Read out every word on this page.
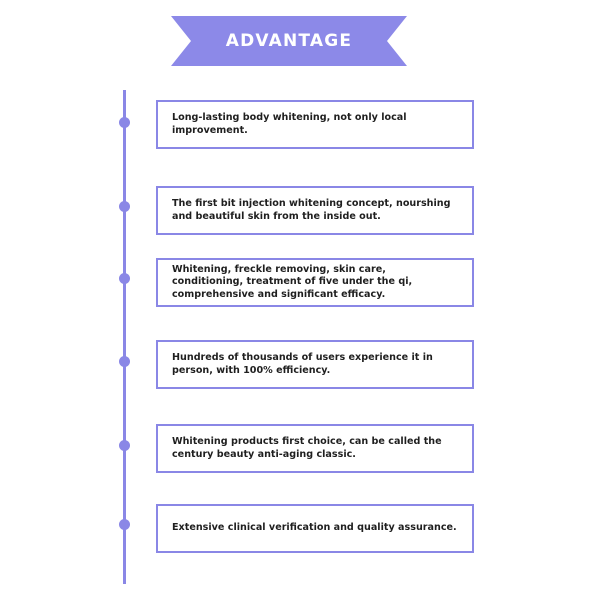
ADVANTAGE
Long-lasting body whitening, not only local improvement.
The first bit injection whitening concept, nourshing and beautiful skin from the inside out.
Whitening, freckle removing, skin care, conditioning, treatment of five under the qi, comprehensive and significant efficacy.
Hundreds of thousands of users experience it in person, with 100% efficiency.
Whitening products first choice, can be called the century beauty anti-aging classic.
Extensive clinical verification and quality assurance.
